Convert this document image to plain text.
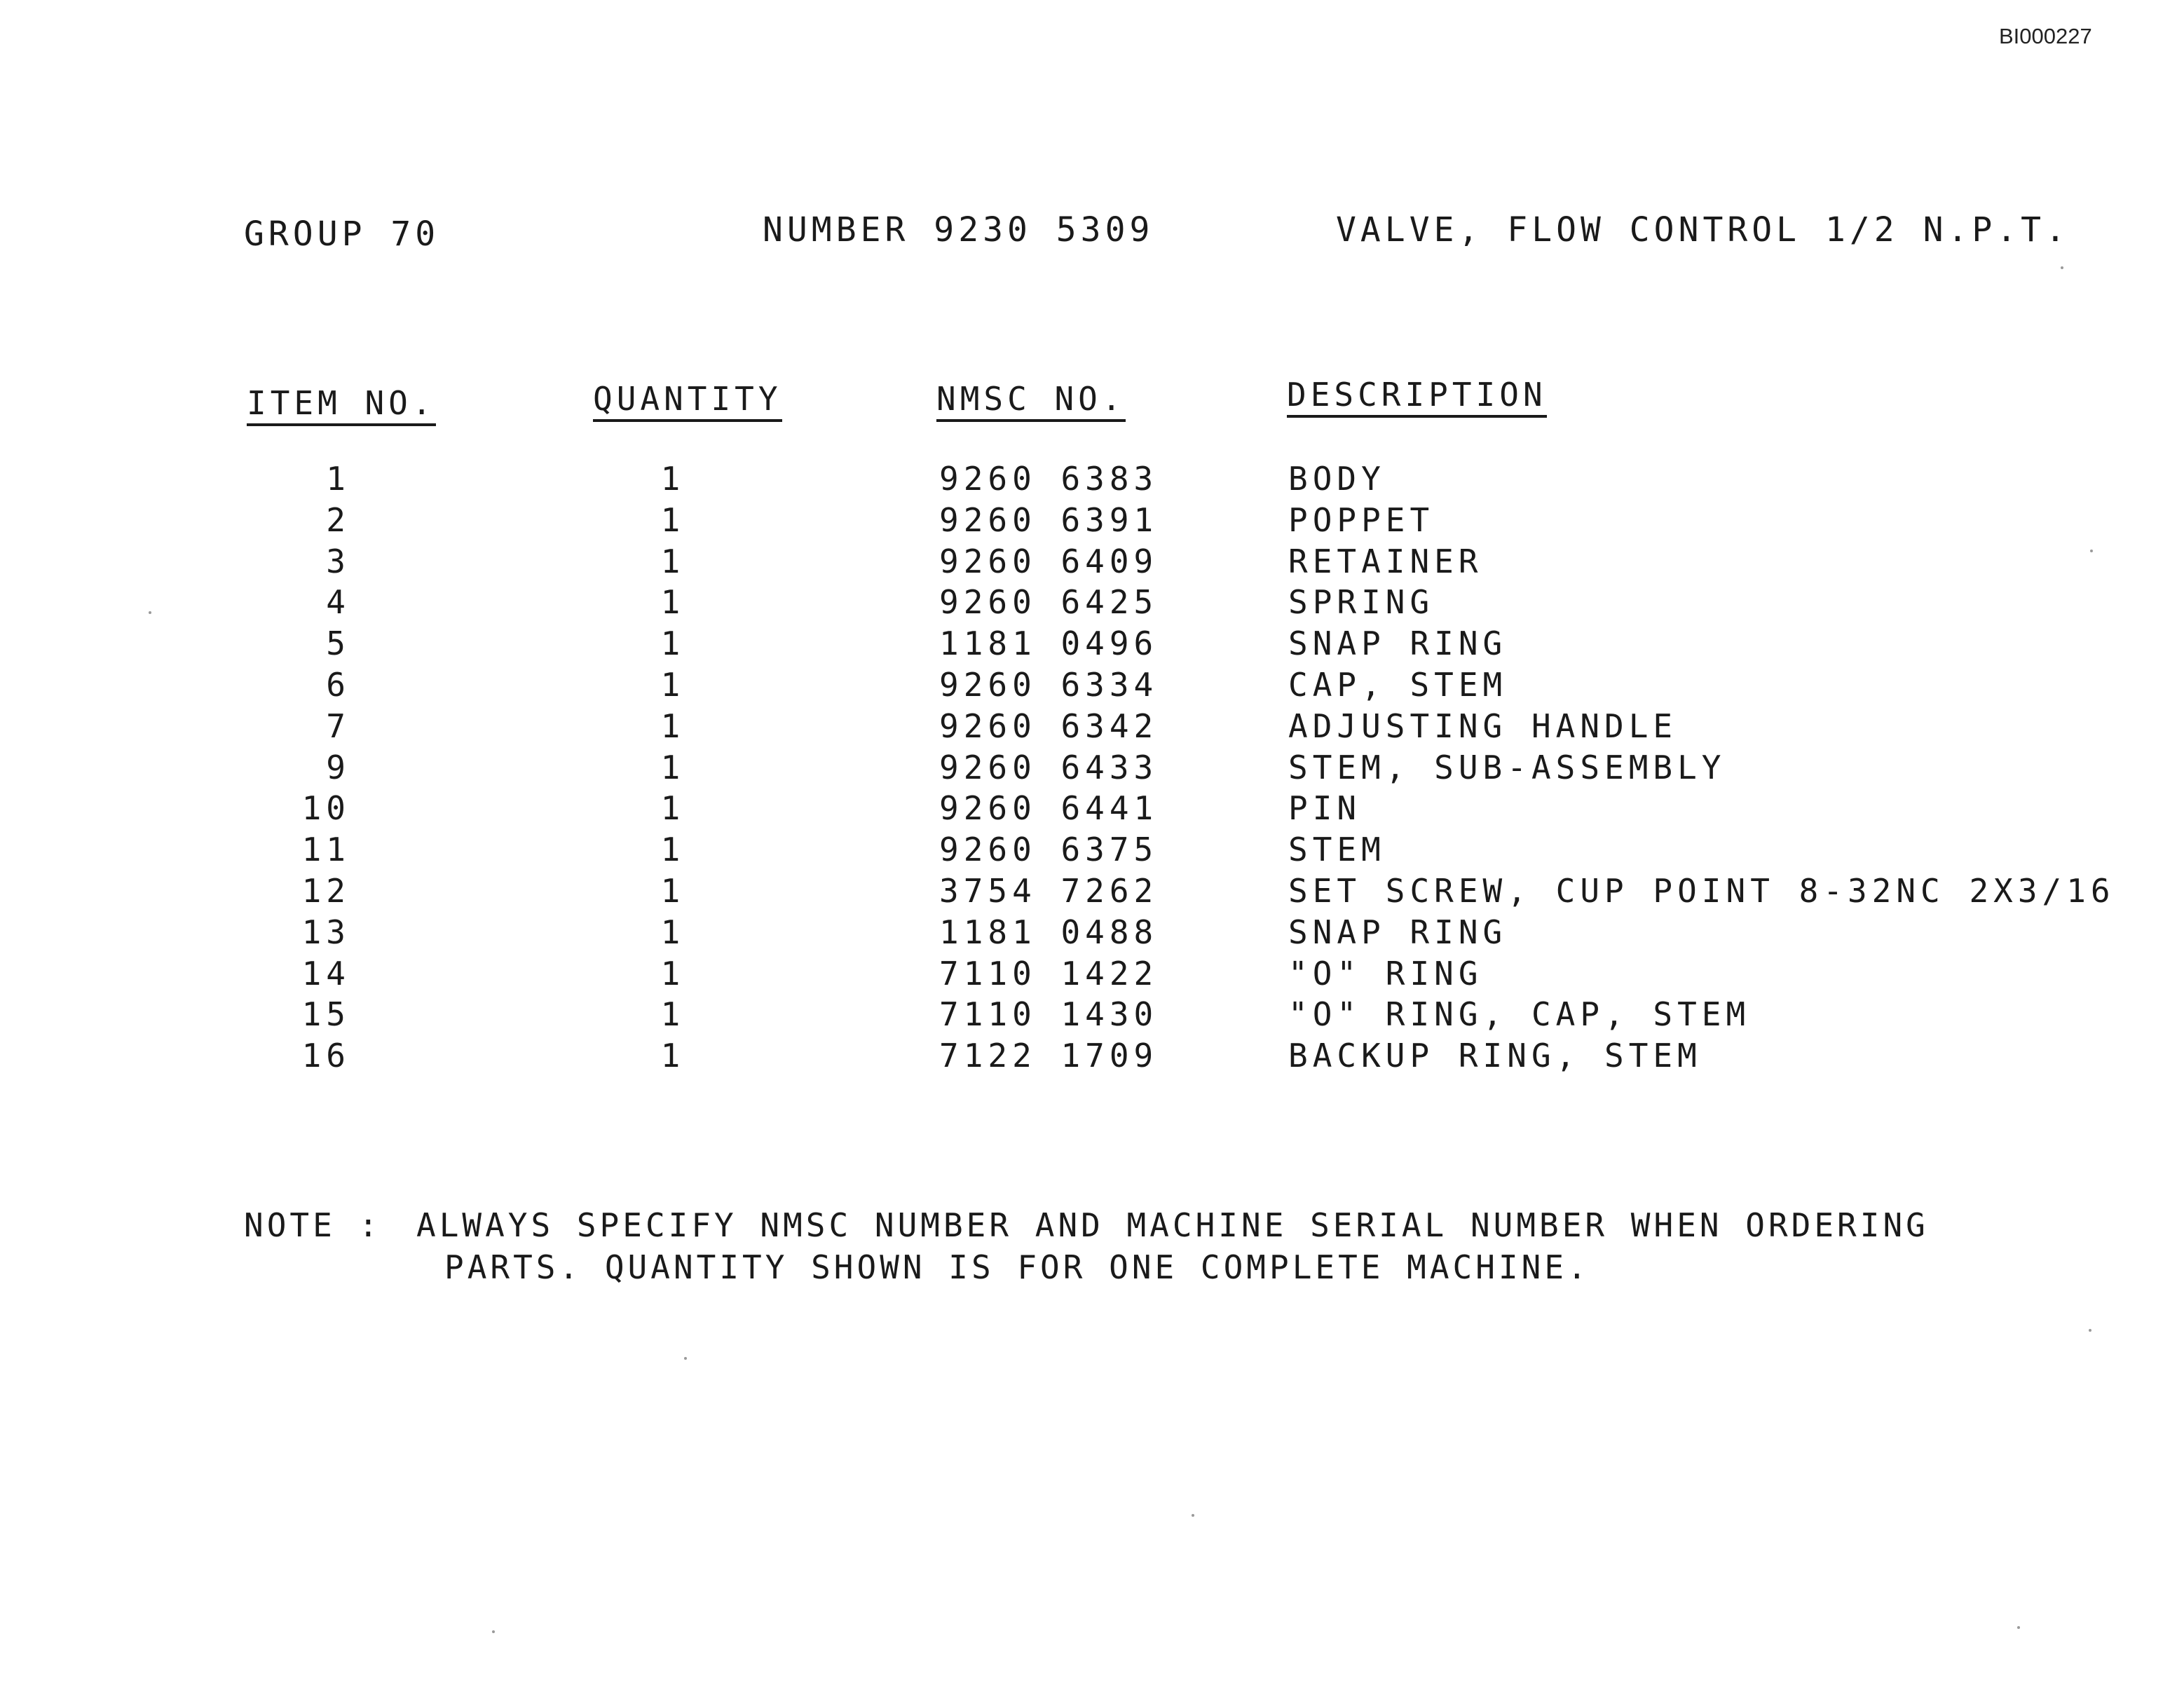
BI000227
GROUP 70	NUMBER 9230 5309	VALVE, FLOW CONTROL 1/2 N.P.T.
ITEM NO.	QUANTITY	NMSC NO.	DESCRIPTION
1	1	9260 6383	BODY
2	1	9260 6391	POPPET
3	1	9260 6409	RETAINER
4	1	9260 6425	SPRING
5	1	1181 0496	SNAP RING
6	1	9260 6334	CAP, STEM
7	1	9260 6342	ADJUSTING HANDLE
9	1	9260 6433	STEM, SUB-ASSEMBLY
10	1	9260 6441	PIN
11	1	9260 6375	STEM
12	1	3754 7262	SET SCREW, CUP POINT 8-32NC 2X3/16
13	1	1181 0488	SNAP RING
14	1	7110 1422	"O" RING
15	1	7110 1430	"O" RING, CAP, STEM
16	1	7122 1709	BACKUP RING, STEM
NOTE : ALWAYS SPECIFY NMSC NUMBER AND MACHINE SERIAL NUMBER WHEN ORDERING
PARTS. QUANTITY SHOWN IS FOR ONE COMPLETE MACHINE.
